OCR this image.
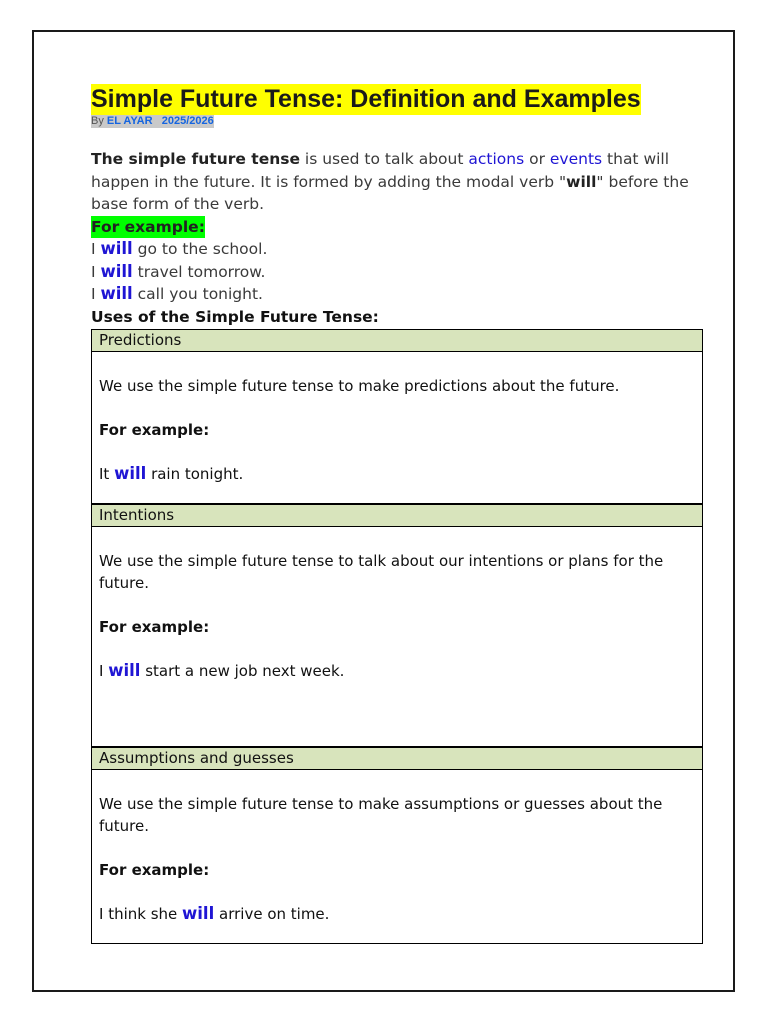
Simple Future Tense: Definition and Examples
By EL AYAR 2025/2026
The simple future tense is used to talk about actions or events that will happen in the future. It is formed by adding the modal verb "will" before the base form of the verb.
For example:
I will go to the school.
I will travel tomorrow.
I will call you tonight.
Uses of the Simple Future Tense:
Predictions

We use the simple future tense to make predictions about the future.

For example:

It will rain tonight.

Intentions

We use the simple future tense to talk about our intentions or plans for the future.

For example:

I will start a new job next week.

Assumptions and guesses

We use the simple future tense to make assumptions or guesses about the future.

For example:

I think she will arrive on time.
